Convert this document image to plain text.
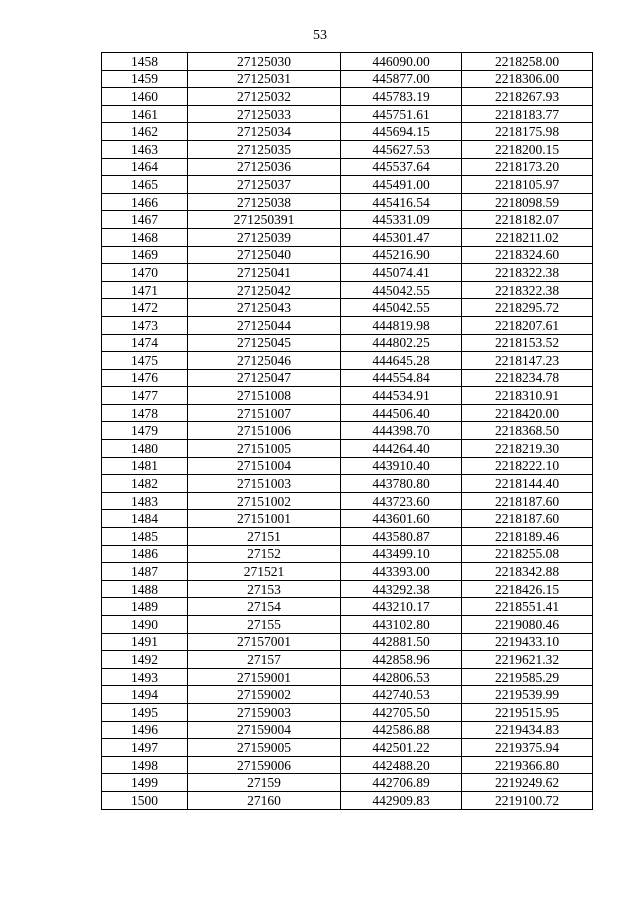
53
1458	27125030	446090.00	2218258.00
1459	27125031	445877.00	2218306.00
1460	27125032	445783.19	2218267.93
1461	27125033	445751.61	2218183.77
1462	27125034	445694.15	2218175.98
1463	27125035	445627.53	2218200.15
1464	27125036	445537.64	2218173.20
1465	27125037	445491.00	2218105.97
1466	27125038	445416.54	2218098.59
1467	271250391	445331.09	2218182.07
1468	27125039	445301.47	2218211.02
1469	27125040	445216.90	2218324.60
1470	27125041	445074.41	2218322.38
1471	27125042	445042.55	2218322.38
1472	27125043	445042.55	2218295.72
1473	27125044	444819.98	2218207.61
1474	27125045	444802.25	2218153.52
1475	27125046	444645.28	2218147.23
1476	27125047	444554.84	2218234.78
1477	27151008	444534.91	2218310.91
1478	27151007	444506.40	2218420.00
1479	27151006	444398.70	2218368.50
1480	27151005	444264.40	2218219.30
1481	27151004	443910.40	2218222.10
1482	27151003	443780.80	2218144.40
1483	27151002	443723.60	2218187.60
1484	27151001	443601.60	2218187.60
1485	27151	443580.87	2218189.46
1486	27152	443499.10	2218255.08
1487	271521	443393.00	2218342.88
1488	27153	443292.38	2218426.15
1489	27154	443210.17	2218551.41
1490	27155	443102.80	2219080.46
1491	27157001	442881.50	2219433.10
1492	27157	442858.96	2219621.32
1493	27159001	442806.53	2219585.29
1494	27159002	442740.53	2219539.99
1495	27159003	442705.50	2219515.95
1496	27159004	442586.88	2219434.83
1497	27159005	442501.22	2219375.94
1498	27159006	442488.20	2219366.80
1499	27159	442706.89	2219249.62
1500	27160	442909.83	2219100.72
